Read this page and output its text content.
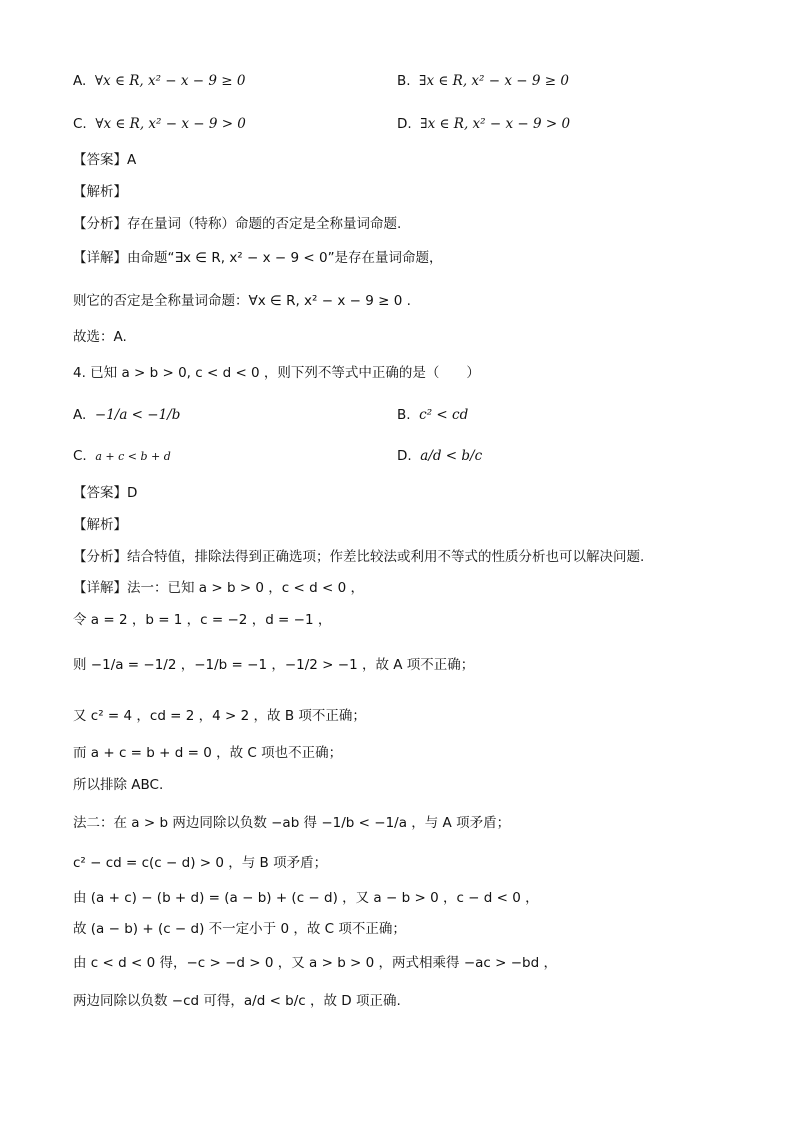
A. ∀x ∈ R, x² − x − 9 ≥ 0	B. ∃x ∈ R, x² − x − 9 ≥ 0
C. ∀x ∈ R, x² − x − 9 > 0	D. ∃x ∈ R, x² − x − 9 > 0
【答案】A
【解析】
【分析】存在量词（特称）命题的否定是全称量词命题.
【详解】由命题“∃x ∈ R, x² − x − 9 < 0”是存在量词命题，
则它的否定是全称量词命题：∀x ∈ R, x² − x − 9 ≥ 0 .
故选：A.
4. 已知 a > b > 0, c < d < 0 ，则下列不等式中正确的是（　　）
A. −1/a < −1/b	B. c² < cd
C. a + c < b + d	D. a/d < b/c
【答案】D
【解析】
【分析】结合特值，排除法得到正确选项；作差比较法或利用不等式的性质分析也可以解决问题.
【详解】法一：已知 a > b > 0 ，c < d < 0 ，
令 a = 2 ，b = 1 ，c = −2 ，d = −1 ，
则 −1/a = −1/2 ，−1/b = −1 ，−1/2 > −1 ，故 A 项不正确；
又 c² = 4 ，cd = 2 ，4 > 2 ，故 B 项不正确；
而 a + c = b + d = 0 ，故 C 项也不正确；
所以排除 ABC.
法二：在 a > b 两边同除以负数 −ab 得 −1/b < −1/a ，与 A 项矛盾；
c² − cd = c(c − d) > 0 ，与 B 项矛盾；
由 (a + c) − (b + d) = (a − b) + (c − d) ，又 a − b > 0 ，c − d < 0 ，
故 (a − b) + (c − d) 不一定小于 0 ，故 C 项不正确；
由 c < d < 0 得，−c > −d > 0 ，又 a > b > 0 ，两式相乘得 −ac > −bd ，
两边同除以负数 −cd 可得，a/d < b/c ，故 D 项正确.
